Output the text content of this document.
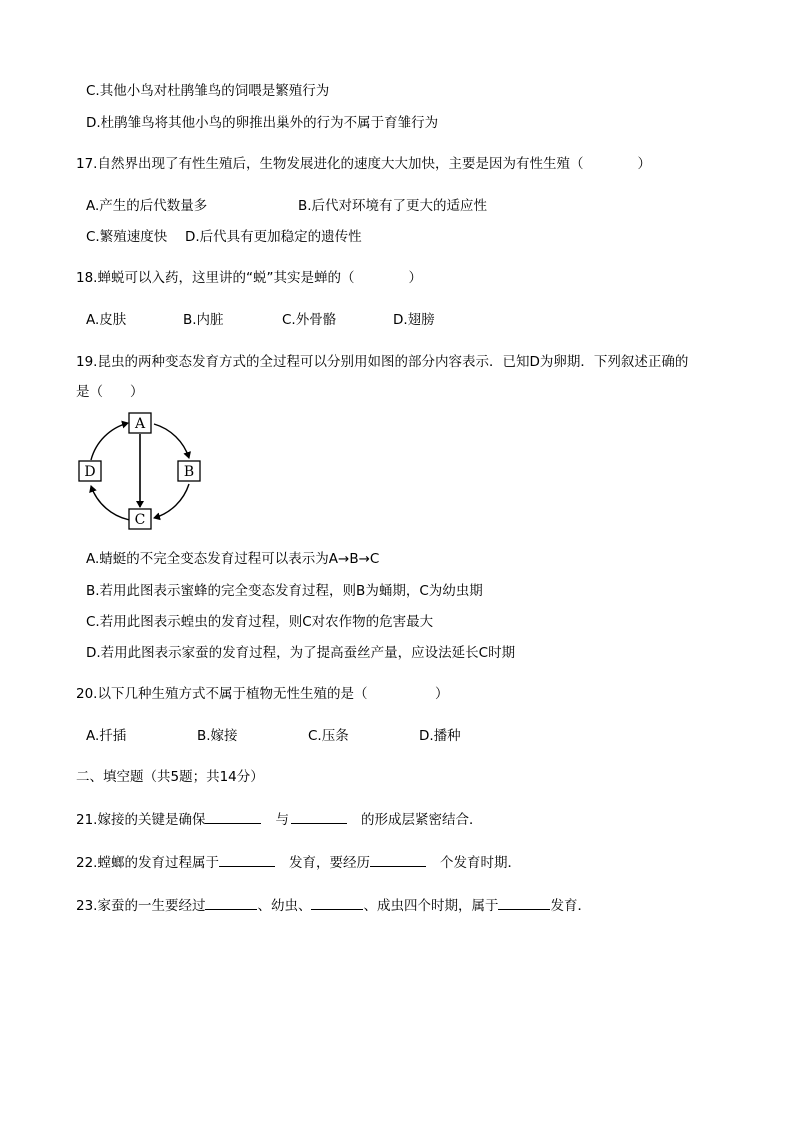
C.其他小鸟对杜鹃雏鸟的饲喂是繁殖行为
D.杜鹃雏鸟将其他小鸟的卵推出巢外的行为不属于育雏行为
17.自然界出现了有性生殖后，生物发展进化的速度大大加快，主要是因为有性生殖（　　　　）
A.产生的后代数量多	B.后代对环境有了更大的适应性
C.繁殖速度快 D.后代具有更加稳定的遗传性
18.蝉蜕可以入药，这里讲的“蜕”其实是蝉的（　　　　）
A.皮肤	B.内脏	C.外骨骼	D.翅膀
19.昆虫的两种变态发育方式的全过程可以分别用如图的部分内容表示．已知D为卵期．下列叙述正确的
是（　　）
A
B
C
D
A.蜻蜓的不完全变态发育过程可以表示为A→B→C
B.若用此图表示蜜蜂的完全变态发育过程，则B为蛹期，C为幼虫期
C.若用此图表示蝗虫的发育过程，则C对农作物的危害最大
D.若用此图表示家蚕的发育过程，为了提高蚕丝产量，应设法延长C时期
20.以下几种生殖方式不属于植物无性生殖的是（　　　　　）
A.扦插	B.嫁接	C.压条	D.播种
二、填空题（共5题；共14分）
21.嫁接的关键是确保	与	的形成层紧密结合．
22.螳螂的发育过程属于	发育，要经历	个发育时期．
23.家蚕的一生要经过	、幼虫、	、成虫四个时期，属于	发育．
